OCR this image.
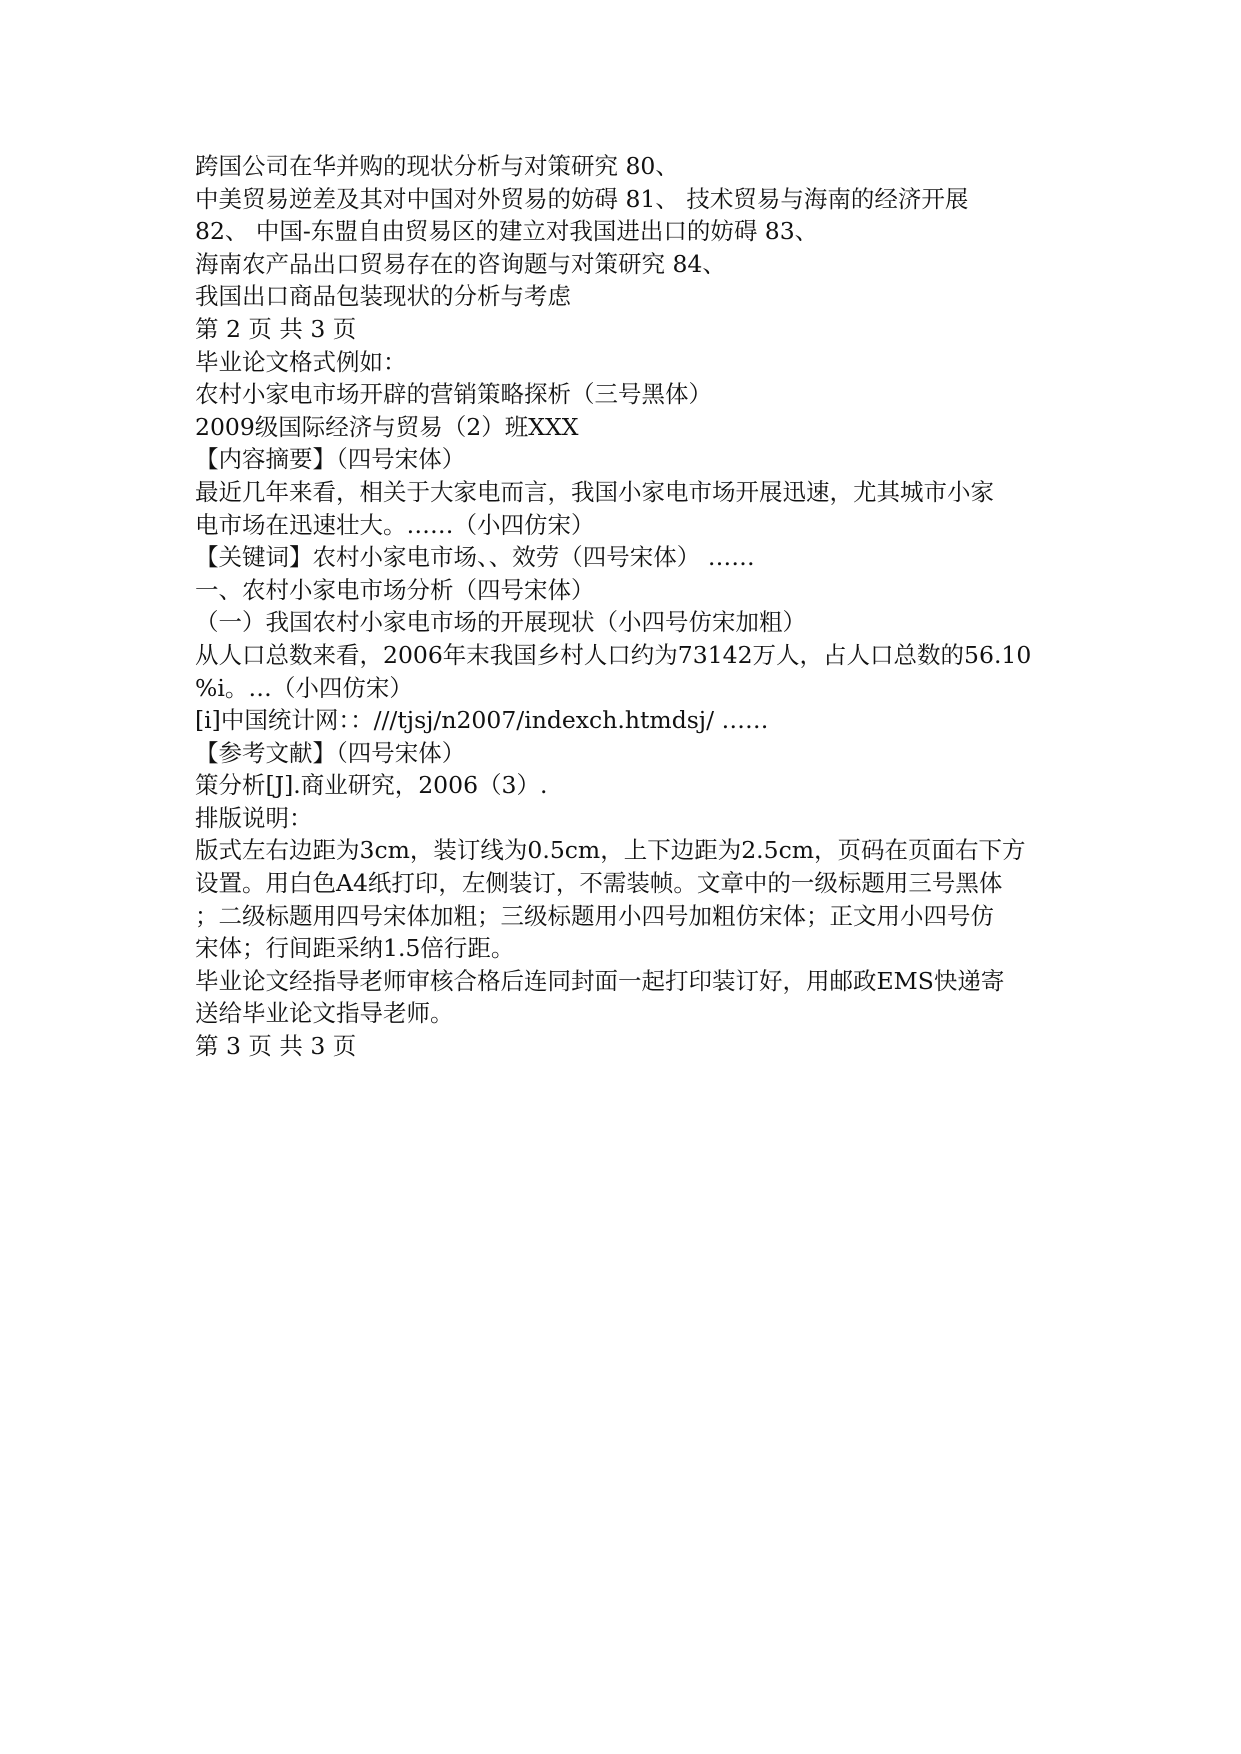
跨国公司在华并购的现状分析与对策研究 80、
中美贸易逆差及其对中国对外贸易的妨碍 81、 技术贸易与海南的经济开展
82、 中国-东盟自由贸易区的建立对我国进出口的妨碍 83、
海南农产品出口贸易存在的咨询题与对策研究 84、
我国出口商品包装现状的分析与考虑
第 2 页 共 3 页
毕业论文格式例如：
农村小家电市场开辟的营销策略探析（三号黑体）
2009级国际经济与贸易（2）班XXX
【内容摘要】（四号宋体）
最近几年来看，相关于大家电而言，我国小家电市场开展迅速，尤其城市小家
电市场在迅速壮大。……（小四仿宋）
【关键词】农村小家电市场、、效劳（四号宋体） ……
一、农村小家电市场分析（四号宋体）
（一）我国农村小家电市场的开展现状（小四号仿宋加粗）
从人口总数来看，2006年末我国乡村人口约为73142万人，占人口总数的56.10
%i。…（小四仿宋）
[i]中国统计网：：///tjsj/n2007/indexch.htmdsj/ ……
【参考文献】（四号宋体）
策分析[J].商业研究，2006（3）.
排版说明：
版式左右边距为3cm，装订线为0.5cm，上下边距为2.5cm，页码在页面右下方
设置。用白色A4纸打印，左侧装订，不需装帧。文章中的一级标题用三号黑体
；二级标题用四号宋体加粗；三级标题用小四号加粗仿宋体；正文用小四号仿
宋体；行间距采纳1.5倍行距。
毕业论文经指导老师审核合格后连同封面一起打印装订好，用邮政EMS快递寄
送给毕业论文指导老师。
第 3 页 共 3 页
